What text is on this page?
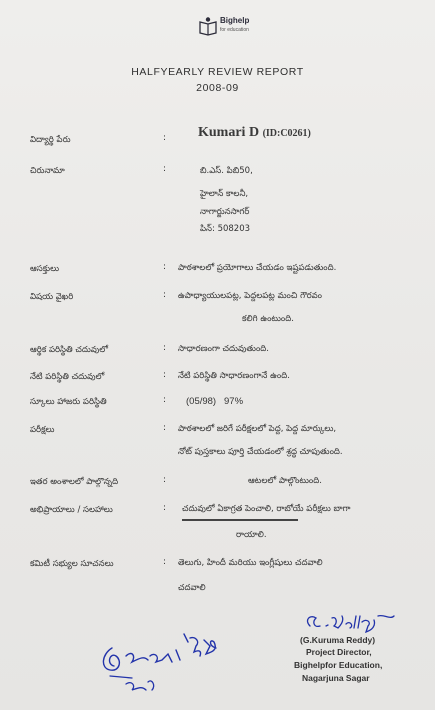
Bighelp
for education
HALFYEARLY REVIEW REPORT
2008-09
విద్యార్థి పేరు	: Kumari D (ID:C0261)
చిరునామా	:	బి.ఎస్. పిబి50,
హైలాన్ కాలనీ,
నాగార్జునసాగర్
పిన్: 508203
ఆసక్తులు	: పాఠశాలలో ప్రయోగాలు చేయడం ఇష్టపడుతుంది.
విషయ వైఖరి	: ఉపాధ్యాయులపట్ల, పెద్దలపట్ల మంచి గౌరవం
కలిగి ఉంటుంది.
ఆర్థిక పరిస్థితి చదువులో	: సాధారణంగా చదువుతుంది.
నేటి పరిస్థితి చదువులో	: నేటి పరిస్థితి సాధారణంగానే ఉంది.
స్కూలు హాజరు పరిస్థితి	: (05/98)   97%
పరీక్షలు	: పాఠశాలలో జరిగే పరీక్షలలో పెద్ద, పెద్ద మార్కులు,
నోట్ పుస్తకాలు పూర్తి చేయడంలో శ్రద్ధ చూపుతుంది.
ఇతర అంశాలలో పాల్గొన్నది	:	ఆటలలో పాల్గొంటుంది.
అభిప్రాయాలు / సలహాలు	: చదువులో ఏకాగ్రత పెంచాలి, రాబోయే పరీక్షలు బాగా
రాయాలి.
కమిటీ సభ్యుల సూచనలు	: తెలుగు, హిందీ మరియు ఇంగ్లీషులు చదవాలి
చదవాలి
(G.Kuruma Reddy)
Project Director,
Bighelpfor Education,
Nagarjuna Sagar
